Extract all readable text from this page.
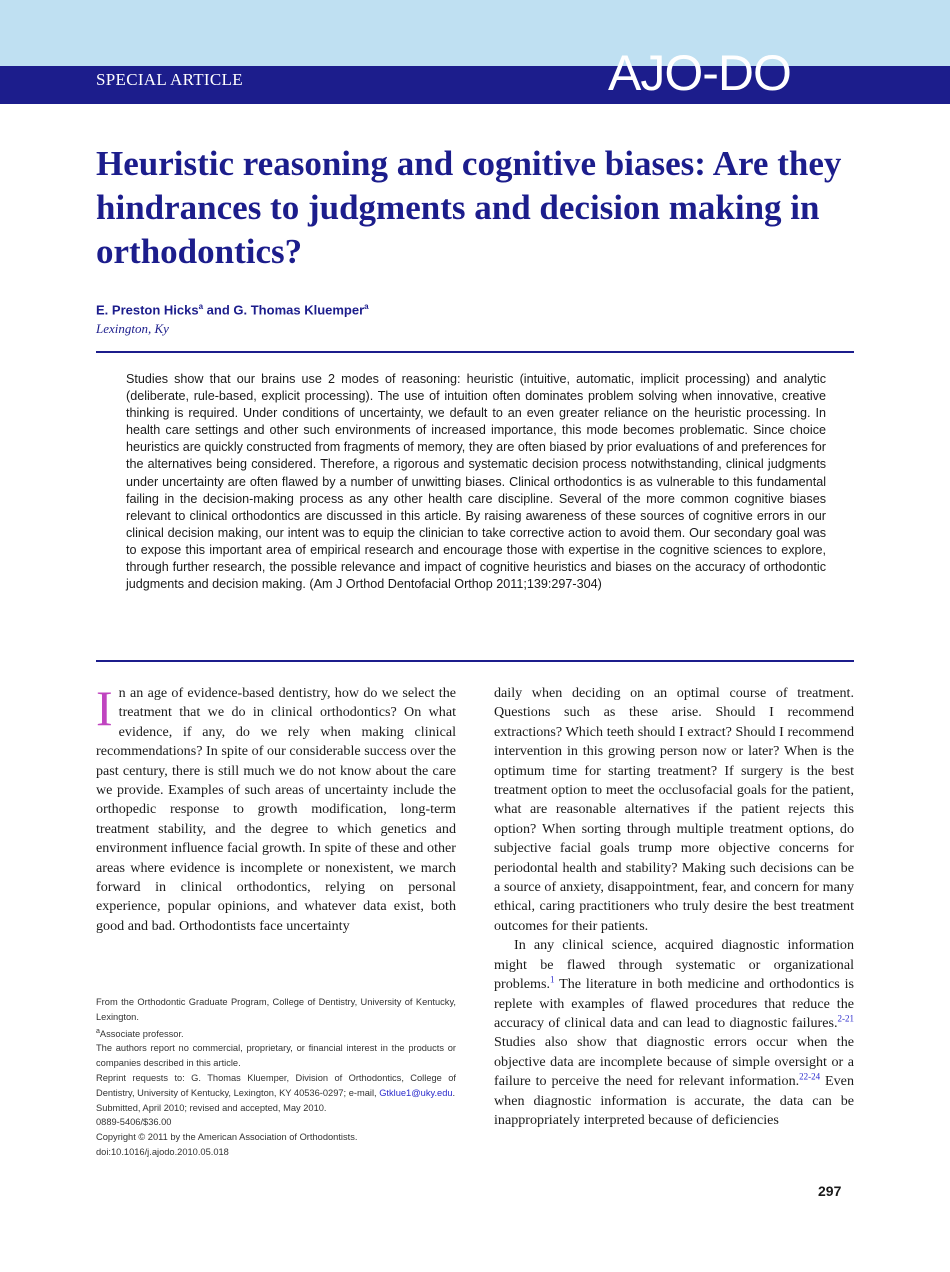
SPECIAL ARTICLE	AJO-DO
Heuristic reasoning and cognitive biases: Are they hindrances to judgments and decision making in orthodontics?
E. Preston Hicks$^a$ and G. Thomas Kluemper$^a$
Lexington, Ky

Studies show that our brains use 2 modes of reasoning: heuristic (intuitive, automatic, implicit processing) and analytic (deliberate, rule-based, explicit processing). The use of intuition often dominates problem solving when innovative, creative thinking is required. Under conditions of uncertainty, we default to an even greater reliance on the heuristic processing. In health care settings and other such environments of increased importance, this mode becomes problematic. Since choice heuristics are quickly constructed from fragments of memory, they are often biased by prior evaluations of and preferences for the alternatives being considered. Therefore, a rigorous and systematic decision process notwithstanding, clinical judgments under uncertainty are often flawed by a number of unwitting biases. Clinical orthodontics is as vulnerable to this fundamental failing in the decision-making process as any other health care discipline. Several of the more common cognitive biases relevant to clinical orthodontics are discussed in this article. By raising awareness of these sources of cognitive errors in our clinical decision making, our intent was to equip the clinician to take corrective action to avoid them. Our secondary goal was to expose this important area of empirical research and encourage those with expertise in the cognitive sciences to explore, through further research, the possible relevance and impact of cognitive heuristics and biases on the accuracy of orthodontic judgments and decision making. (Am J Orthod Dentofacial Orthop 2011;139:297-304)

In an age of evidence-based dentistry, how do we select the treatment that we do in clinical orthodontics? On what evidence, if any, do we rely when making clinical recommendations? In spite of our considerable success over the past century, there is still much we do not know about the care we provide. Examples of such areas of uncertainty include the orthopedic response to growth modification, long-term treatment stability, and the degree to which genetics and environment influence facial growth. In spite of these and other areas where evidence is incomplete or nonexistent, we march forward in clinical orthodontics, relying on personal experience, popular opinions, and whatever data exist, both good and bad. Orthodontists face uncertainty

daily when deciding on an optimal course of treatment. Questions such as these arise. Should I recommend extractions? Which teeth should I extract? Should I recommend intervention in this growing person now or later? When is the optimum time for starting treatment? If surgery is the best treatment option to meet the occlusofacial goals for the patient, what are reasonable alternatives if the patient rejects this option? When sorting through multiple treatment options, do subjective facial goals trump more objective concerns for periodontal health and stability? Making such decisions can be a source of anxiety, disappointment, fear, and concern for many ethical, caring practitioners who truly desire the best treatment outcomes for their patients.

In any clinical science, acquired diagnostic information might be flawed through systematic or organizational problems.$^1$ The literature in both medicine and orthodontics is replete with examples of flawed procedures that reduce the accuracy of clinical data and can lead to diagnostic failures.$^{2-21}$ Studies also show that diagnostic errors occur when the objective data are incomplete because of simple oversight or a failure to perceive the need for relevant information.$^{22-24}$ Even when diagnostic information is accurate, the data can be inappropriately interpreted because of deficiencies

From the Orthodontic Graduate Program, College of Dentistry, University of Kentucky, Lexington.

$^a$Associate professor.

The authors report no commercial, proprietary, or financial interest in the products or companies described in this article.

Reprint requests to: G. Thomas Kluemper, Division of Orthodontics, College of Dentistry, University of Kentucky, Lexington, KY 40536-0297; e-mail, Gtklue1@uky.edu.

Submitted, April 2010; revised and accepted, May 2010.

0889-5406/$36.00

Copyright © 2011 by the American Association of Orthodontists.

doi:10.1016/j.ajodo.2010.05.018

297
